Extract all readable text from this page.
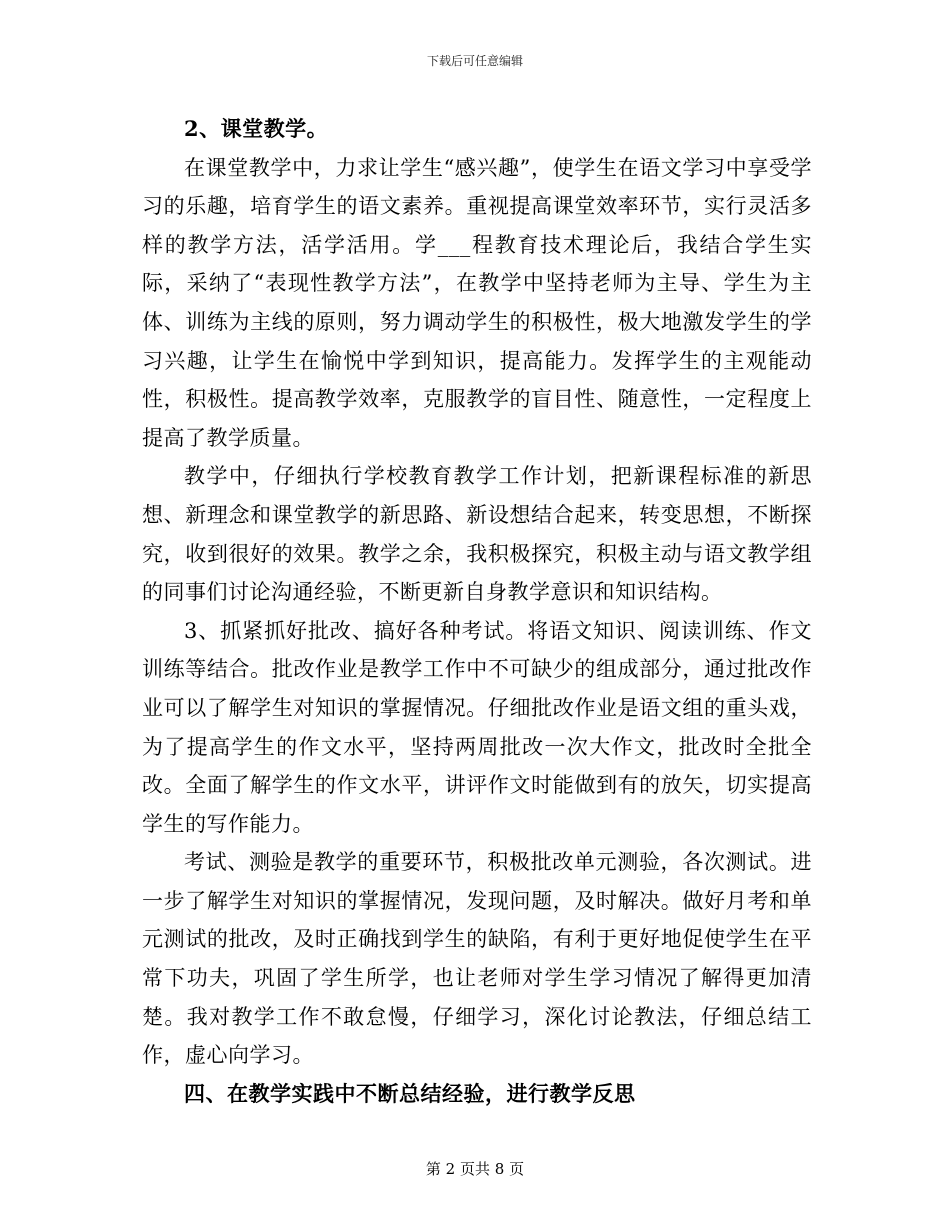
下载后可任意编辑

2、课堂教学。

在课堂教学中，力求让学生“感兴趣”，使学生在语文学习中享受学习的乐趣，培育学生的语文素养。重视提高课堂效率环节，实行灵活多样的教学方法，活学活用。学___程教育技术理论后，我结合学生实际，采纳了“表现性教学方法”，在教学中坚持老师为主导、学生为主体、训练为主线的原则，努力调动学生的积极性，极大地激发学生的学习兴趣，让学生在愉悦中学到知识，提高能力。发挥学生的主观能动性，积极性。提高教学效率，克服教学的盲目性、随意性，一定程度上提高了教学质量。

教学中，仔细执行学校教育教学工作计划，把新课程标准的新思想、新理念和课堂教学的新思路、新设想结合起来，转变思想，不断探究，收到很好的效果。教学之余，我积极探究，积极主动与语文教学组的同事们讨论沟通经验，不断更新自身教学意识和知识结构。

3、抓紧抓好批改、搞好各种考试。将语文知识、阅读训练、作文训练等结合。批改作业是教学工作中不可缺少的组成部分，通过批改作业可以了解学生对知识的掌握情况。仔细批改作业是语文组的重头戏，为了提高学生的作文水平，坚持两周批改一次大作文，批改时全批全改。全面了解学生的作文水平，讲评作文时能做到有的放矢，切实提高学生的写作能力。

考试、测验是教学的重要环节，积极批改单元测验，各次测试。进一步了解学生对知识的掌握情况，发现问题，及时解决。做好月考和单元测试的批改，及时正确找到学生的缺陷，有利于更好地促使学生在平常下功夫，巩固了学生所学，也让老师对学生学习情况了解得更加清楚。我对教学工作不敢怠慢，仔细学习，深化讨论教法，仔细总结工作，虚心向学习。

四、在教学实践中不断总结经验，进行教学反思

第 2 页共 8 页
